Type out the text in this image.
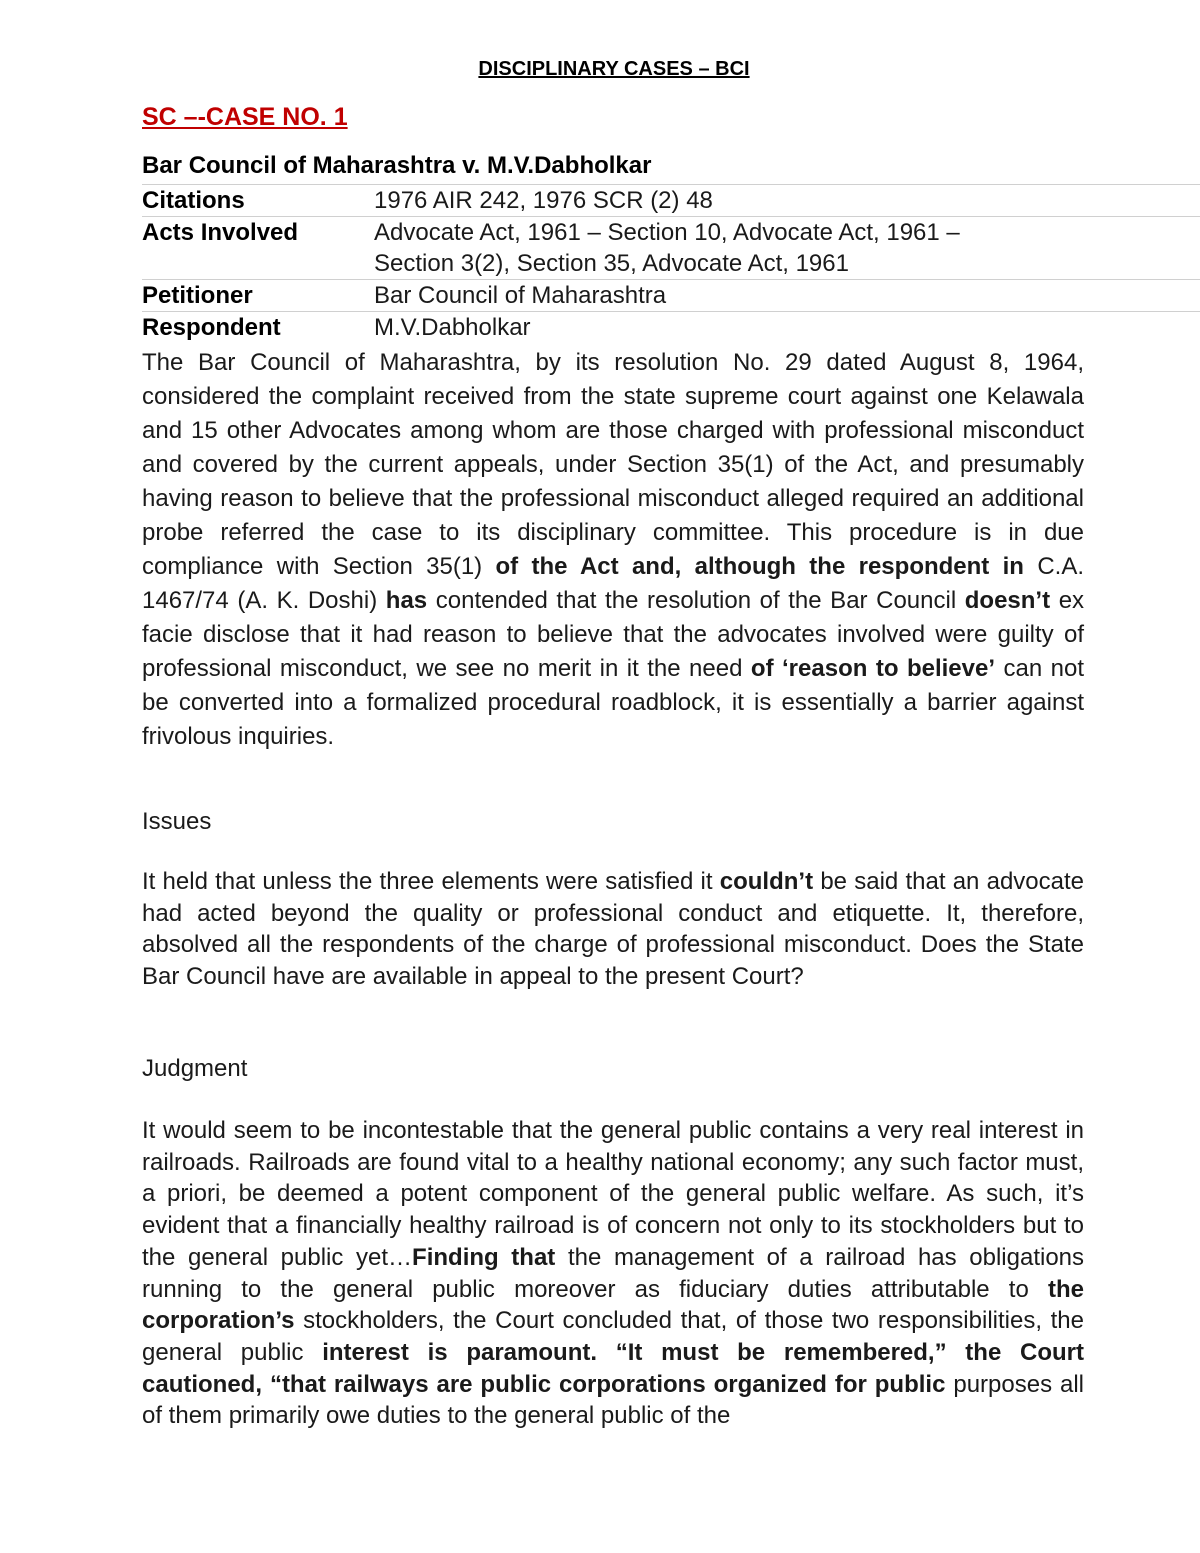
DISCIPLINARY CASES – BCI
SC –-CASE NO. 1
Bar Council of Maharashtra v. M.V.Dabholkar
Citations	1976 AIR 242, 1976 SCR (2) 48
Acts Involved	Advocate Act, 1961 – Section 10, Advocate Act, 1961 –
Section 3(2), Section 35, Advocate Act, 1961

Petitioner	Bar Council of Maharashtra
Respondent	M.V.Dabholkar

The Bar Council of Maharashtra, by its resolution No. 29 dated August 8, 1964, considered the complaint received from the state supreme court against one Kelawala and 15 other Advocates among whom are those charged with professional misconduct and covered by the current appeals, under Section 35(1) of the Act, and presumably having reason to believe that the professional misconduct alleged required an additional probe referred the case to its disciplinary committee. This procedure is in due compliance with Section 35(1) of the Act and, although the respondent in C.A. 1467/74 (A. K. Doshi) has contended that the resolution of the Bar Council doesn’t ex facie disclose that it had reason to believe that the advocates involved were guilty of professional misconduct, we see no merit in it the need of ‘reason to believe’ can not be converted into a formalized procedural roadblock, it is essentially a barrier against frivolous inquiries.

Issues

It held that unless the three elements were satisfied it couldn’t be said that an advocate had acted beyond the quality or professional conduct and etiquette. It, therefore, absolved all the respondents of the charge of professional misconduct. Does the State Bar Council have are available in appeal to the present Court?

Judgment

It would seem to be incontestable that the general public contains a very real interest in railroads. Railroads are found vital to a healthy national economy; any such factor must, a priori, be deemed a potent component of the general public welfare. As such, it’s evident that a financially healthy railroad is of concern not only to its stockholders but to the general public yet…Finding that the management of a railroad has obligations running to the general public moreover as fiduciary duties attributable to the corporation’s stockholders, the Court concluded that, of those two responsibilities, the general public interest is paramount. “It must be remembered,” the Court cautioned, “that railways are public corporations organized for public purposes all of them primarily owe duties to the general public of the
